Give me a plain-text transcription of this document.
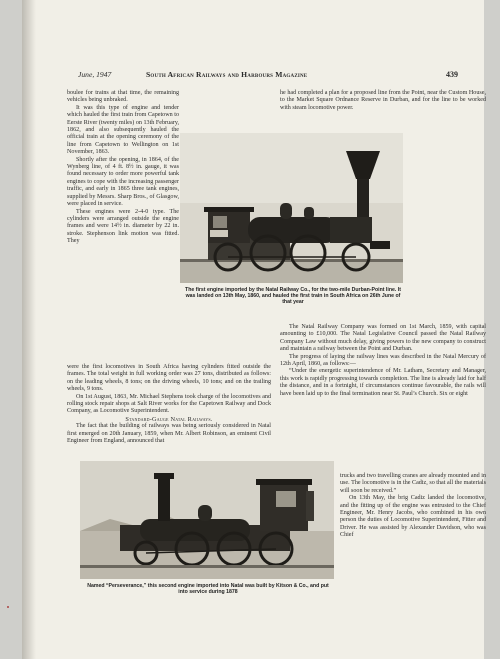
June, 1947	South African Railways and Harbours Magazine	439

boulee for trains at that time, the remaining vehicles being unbraked.

It was this type of engine and tender which hauled the first train from Capetown to Eerste River (twenty miles) on 13th February, 1862, and also subsequently hauled the official train at the opening ceremony of the line from Capetown to Wellington on 1st November, 1863.

Shortly after the opening, in 1864, of the Wynberg line, of 4 ft. 8½ in. gauge, it was found necessary to order more powerful tank engines to cope with the increasing passenger traffic, and early in 1865 three tank engines, supplied by Messrs. Sharp Bros., of Glasgow, were placed in service.

These engines were 2-4-0 type. The cylinders were arranged outside the engine frames and were 14½ in. diameter by 22 in. stroke. Stephenson link motion was fitted. They

The first engine imported by the Natal Railway Co., for the two-mile Durban-Point line. It was landed on 13th May, 1860, and hauled the first train in South Africa on 26th June of that year

were the first locomotives in South Africa having cylinders fitted outside the frames. The total weight in full working order was 27 tons, distributed as follows: on the leading wheels, 8 tons; on the driving wheels, 10 tons; and on the trailing wheels, 9 tons.

On 1st August, 1863, Mr. Michael Stephens took charge of the locomotives and rolling stock repair shops at Salt River works for the Capetown Railway and Dock Company, as Locomotive Superintendent.

Standard-Gauge Natal Railways.

The fact that the building of railways was being seriously considered in Natal first emerged on 20th January, 1859, when Mr. Albert Robinson, an eminent Civil Engineer from England, announced that

he had completed a plan for a proposed line from the Point, near the Custom House, to the Market Square Ordnance Reserve in Durban, and for the line to be worked with steam locomotive power.

The Natal Railway Company was formed on 1st March, 1859, with capital amounting to £10,000. The Natal Legislative Council passed the Natal Railway Company Law without much delay, giving powers to the new company to construct and maintain a railway between the Point and Durban.

The progress of laying the railway lines was described in the Natal Mercury of 12th April, 1860, as follows:—

“Under the energetic superintendence of Mr. Latham, Secretary and Manager, this work is rapidly progressing towards completion. The line is already laid for half the distance, and in a fortnight, if circumstances continue favourable, the rails will have been laid up to the final termination near St. Paul’s Church. Six or eight

Named “Perseverance,” this second engine imported into Natal was built by Kitson & Co., and put into service during 1878

trucks and two travelling cranes are already mounted and in use. The locomotive is in the Cadiz, so that all the materials will soon be received.”

On 13th May, the brig Cadiz landed the locomotive, and the fitting up of the engine was entrusted to the Chief Engineer, Mr. Henry Jacobs, who combined in his own person the duties of Locomotive Superintendent, Fitter and Driver. He was assisted by Alexander Davidson, who was Chief
